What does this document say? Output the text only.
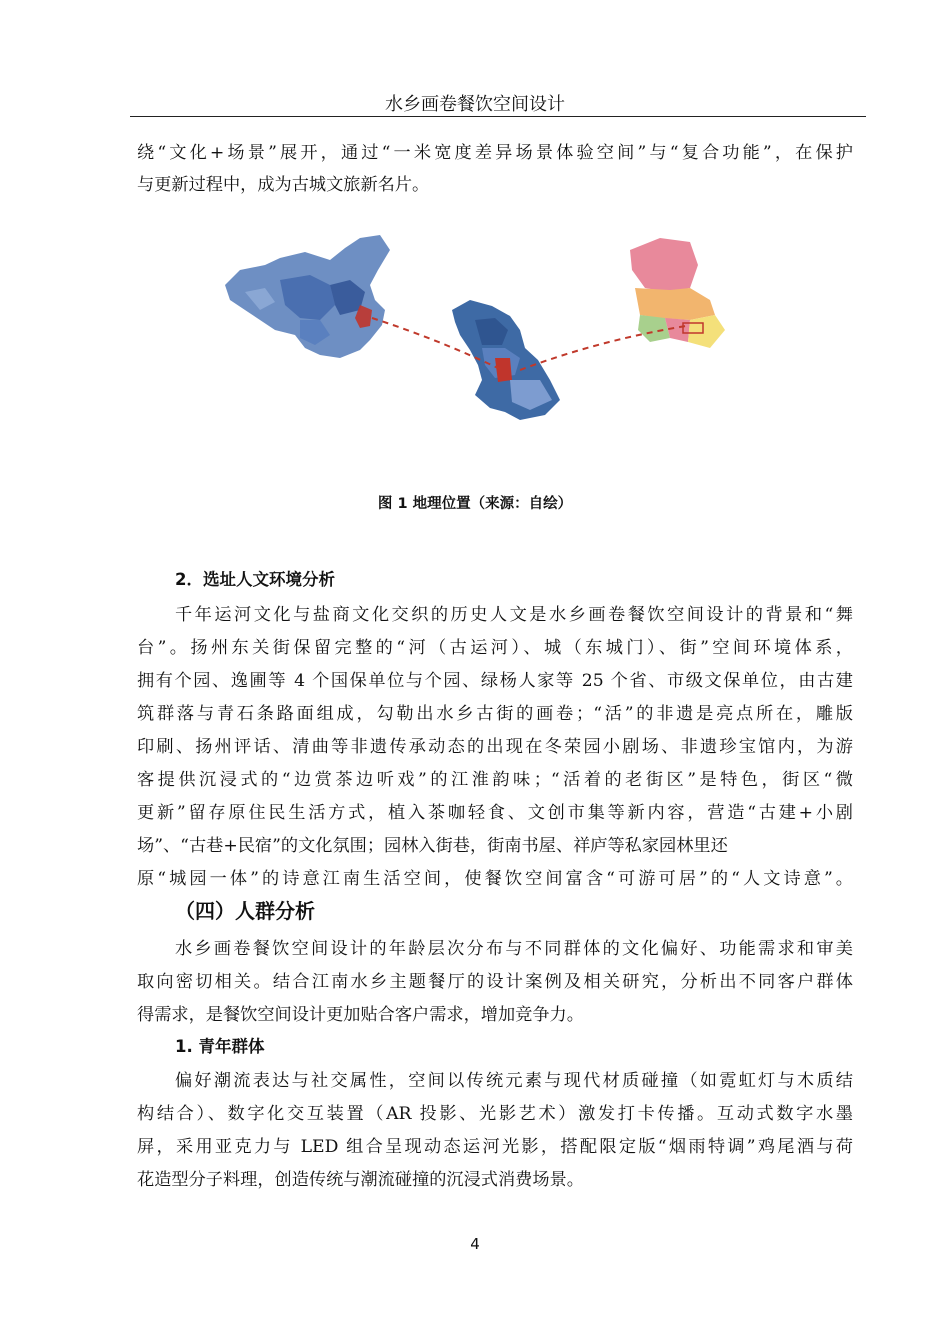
水乡画卷餐饮空间设计
绕“文化+场景”展开，通过“一米宽度差异场景体验空间”与“复合功能”，在保护
与更新过程中，成为古城文旅新名片。
图 1 地理位置（来源：自绘）
2．选址人文环境分析
千年运河文化与盐商文化交织的历史人文是水乡画卷餐饮空间设计的背景和“舞
台”。扬州东关街保留完整的“河（古运河）、城（东城门）、街”空间环境体系，
拥有个园、逸圃等 4 个国保单位与个园、绿杨人家等 25 个省、市级文保单位，由古建
筑群落与青石条路面组成，勾勒出水乡古街的画卷；“活”的非遗是亮点所在，雕版
印刷、扬州评话、清曲等非遗传承动态的出现在冬荣园小剧场、非遗珍宝馆内，为游
客提供沉浸式的“边赏茶边听戏”的江淮韵味；“活着的老街区”是特色，街区“微
更新”留存原住民生活方式，植入茶咖轻食、文创市集等新内容，营造“古建+小剧
场”、“古巷+民宿”的文化氛围；园林入街巷，街南书屋、祥庐等私家园林里还
原“城园一体”的诗意江南生活空间，使餐饮空间富含“可游可居”的“人文诗意”。
（四）人群分析
水乡画卷餐饮空间设计的年龄层次分布与不同群体的文化偏好、功能需求和审美
取向密切相关。结合江南水乡主题餐厅的设计案例及相关研究，分析出不同客户群体
得需求，是餐饮空间设计更加贴合客户需求，增加竞争力。
1. 青年群体
偏好潮流表达与社交属性，空间以传统元素与现代材质碰撞（如霓虹灯与木质结
构结合）、数字化交互装置（AR 投影、光影艺术）激发打卡传播。互动式数字水墨
屏，采用亚克力与 LED 组合呈现动态运河光影，搭配限定版“烟雨特调”鸡尾酒与荷
花造型分子料理，创造传统与潮流碰撞的沉浸式消费场景。
4
